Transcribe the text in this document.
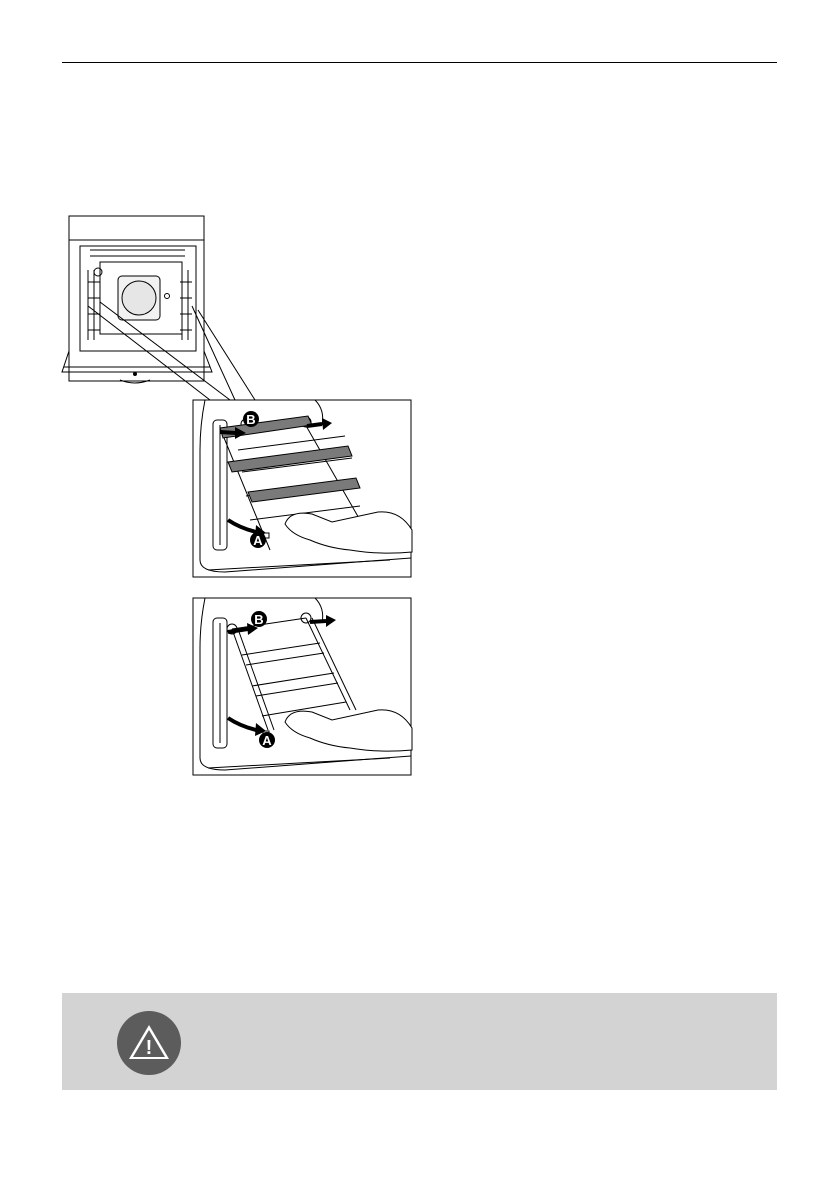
B
A
B
A
!
